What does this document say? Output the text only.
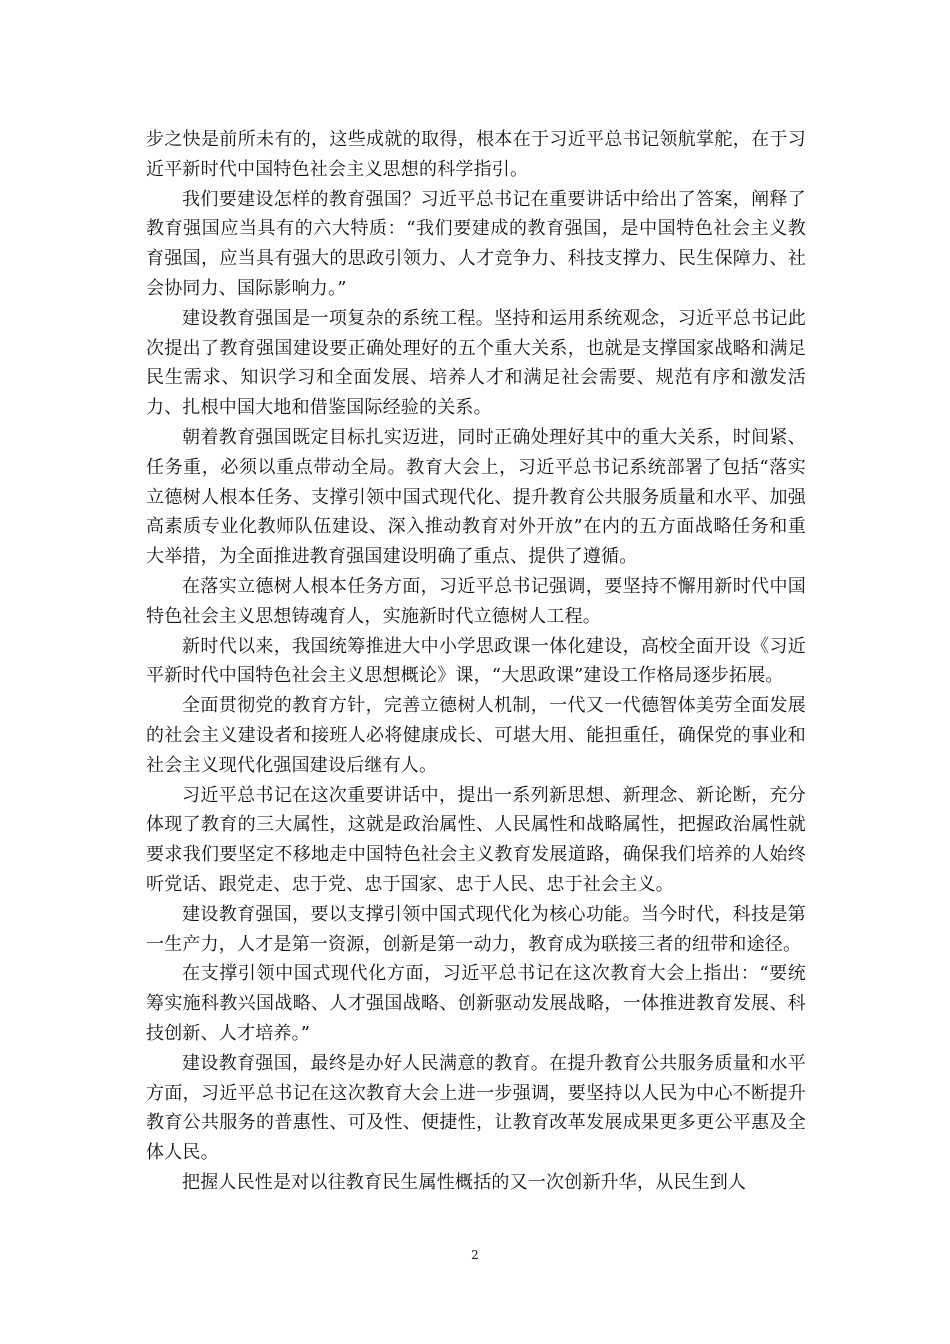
步之快是前所未有的，这些成就的取得，根本在于习近平总书记领航掌舵，在于习近平新时代中国特色社会主义思想的科学指引。

我们要建设怎样的教育强国？习近平总书记在重要讲话中给出了答案，阐释了教育强国应当具有的六大特质：“我们要建成的教育强国，是中国特色社会主义教育强国，应当具有强大的思政引领力、人才竞争力、科技支撑力、民生保障力、社会协同力、国际影响力。”

建设教育强国是一项复杂的系统工程。坚持和运用系统观念，习近平总书记此次提出了教育强国建设要正确处理好的五个重大关系，也就是支撑国家战略和满足民生需求、知识学习和全面发展、培养人才和满足社会需要、规范有序和激发活力、扎根中国大地和借鉴国际经验的关系。

朝着教育强国既定目标扎实迈进，同时正确处理好其中的重大关系，时间紧、任务重，必须以重点带动全局。教育大会上，习近平总书记系统部署了包括“落实立德树人根本任务、支撑引领中国式现代化、提升教育公共服务质量和水平、加强高素质专业化教师队伍建设、深入推动教育对外开放”在内的五方面战略任务和重大举措，为全面推进教育强国建设明确了重点、提供了遵循。

在落实立德树人根本任务方面，习近平总书记强调，要坚持不懈用新时代中国特色社会主义思想铸魂育人，实施新时代立德树人工程。

新时代以来，我国统筹推进大中小学思政课一体化建设，高校全面开设《习近平新时代中国特色社会主义思想概论》课，“大思政课”建设工作格局逐步拓展。

全面贯彻党的教育方针，完善立德树人机制，一代又一代德智体美劳全面发展的社会主义建设者和接班人必将健康成长、可堪大用、能担重任，确保党的事业和社会主义现代化强国建设后继有人。

习近平总书记在这次重要讲话中，提出一系列新思想、新理念、新论断，充分体现了教育的三大属性，这就是政治属性、人民属性和战略属性，把握政治属性就要求我们要坚定不移地走中国特色社会主义教育发展道路，确保我们培养的人始终听党话、跟党走、忠于党、忠于国家、忠于人民、忠于社会主义。

建设教育强国，要以支撑引领中国式现代化为核心功能。当今时代，科技是第一生产力，人才是第一资源，创新是第一动力，教育成为联接三者的纽带和途径。

在支撑引领中国式现代化方面，习近平总书记在这次教育大会上指出：“要统筹实施科教兴国战略、人才强国战略、创新驱动发展战略，一体推进教育发展、科技创新、人才培养。”

建设教育强国，最终是办好人民满意的教育。在提升教育公共服务质量和水平方面，习近平总书记在这次教育大会上进一步强调，要坚持以人民为中心不断提升教育公共服务的普惠性、可及性、便捷性，让教育改革发展成果更多更公平惠及全体人民。

把握人民性是对以往教育民生属性概括的又一次创新升华，从民生到人

2
